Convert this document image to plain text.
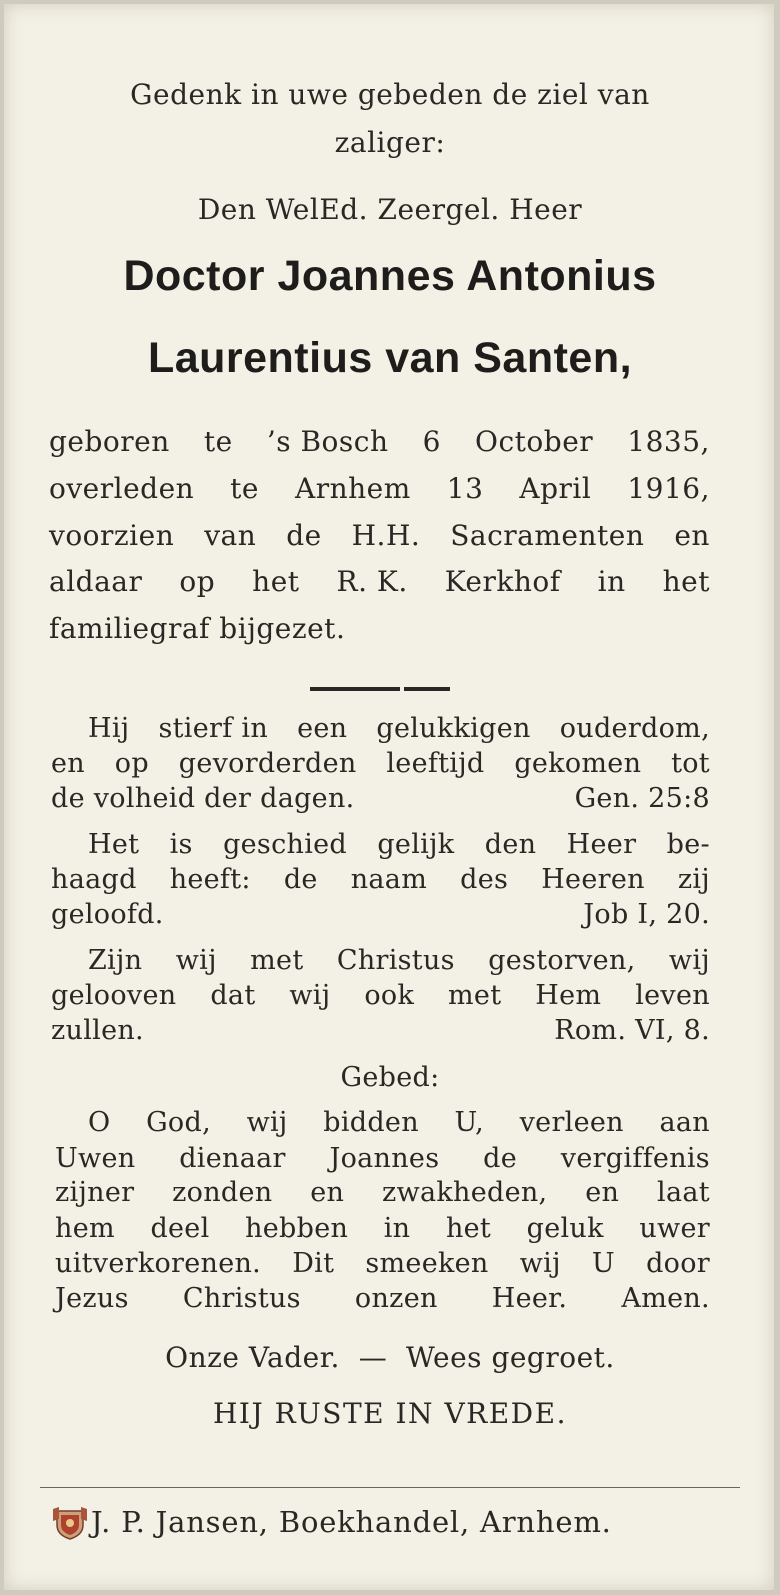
Gedenk in uwe gebeden de ziel van
zaliger:
Den WelEd. Zeergel. Heer
Doctor Joannes Antonius
Laurentius van Santen,
geboren te ’s Bosch 6 October 1835,
overleden te Arnhem 13 April 1916,
voorzien van de H.H. Sacramenten en
aldaar op het R. K. Kerkhof in het
familiegraf bijgezet.
Hij stierf in een gelukkigen ouderdom,
en op gevorderden leeftijd gekomen tot
de volheid der dagen.	Gen. 25:8
Het is geschied gelijk den Heer be-
haagd heeft: de naam des Heeren zij
geloofd.	Job I, 20.
Zijn wij met Christus gestorven, wij
gelooven dat wij ook met Hem leven
zullen.	Rom. VI, 8.
Gebed:
O God, wij bidden U, verleen aan
Uwen dienaar Joannes de vergiffenis
zijner zonden en zwakheden, en laat
hem deel hebben in het geluk uwer
uitverkorenen. Dit smeeken wij U door
Jezus Christus onzen Heer. Amen.
Onze Vader.  —  Wees gegroet.
HIJ RUSTE IN VREDE.
J. P. Jansen, Boekhandel, Arnhem.
